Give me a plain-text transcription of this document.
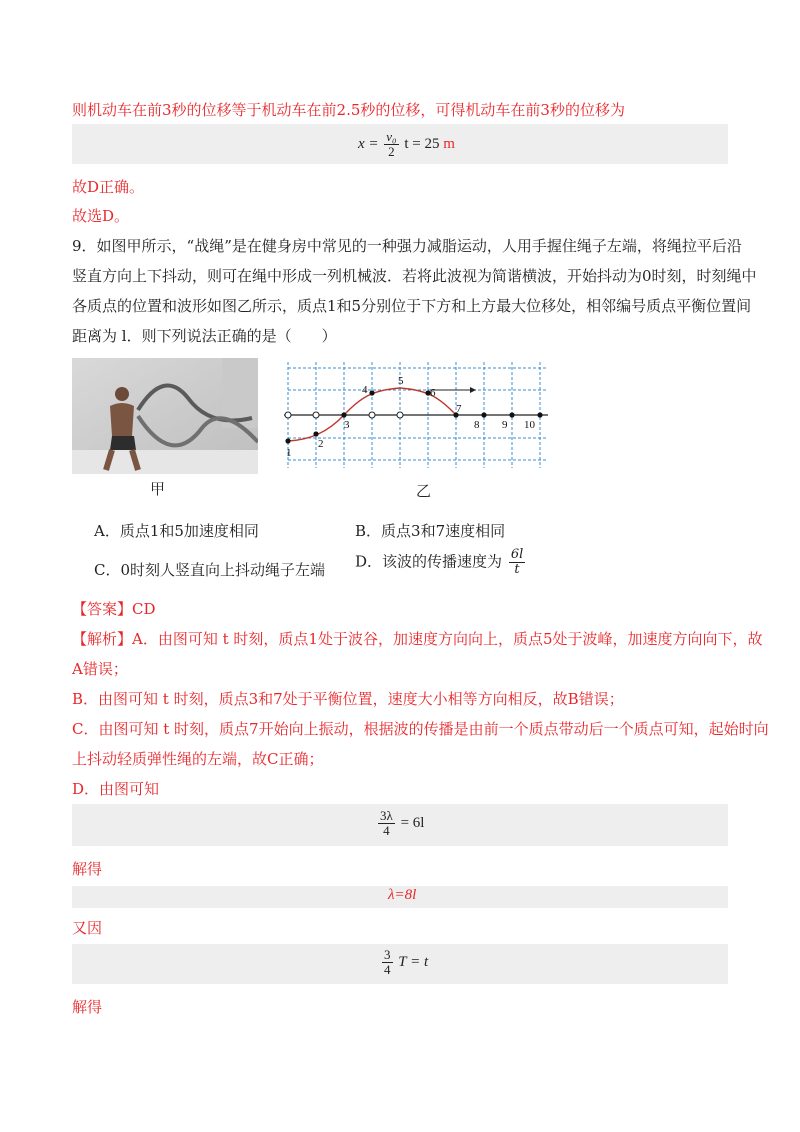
则机动车在前3秒的位移等于机动车在前2.5秒的位移，可得机动车在前3秒的位移为
$x = \frac{\text{v₀}}{2}$ t = 25 m
故D正确。
故选D。
9．如图甲所示，“战绳”是在健身房中常见的一种强力减脂运动，人用手握住绳子左端，将绳拉平后沿
竖直方向上下抖动，则可在绳中形成一列机械波．若将此波视为简谐横波，开始抖动为0时刻，时刻绳中
各质点的位置和波形如图乙所示，质点1和5分别位于下方和上方最大位移处，相邻编号质点平衡位置间
距离为 l．则下列说法正确的是（　　）
甲
1
2
3
4
5
6
7
8 9 10
乙
A．质点1和5加速度相同	B．质点3和7速度相同
C．0时刻人竖直向上抖动绳子左端 D．该波的传播速度为 $\frac{6l}{t}$
【答案】CD
【解析】A．由图可知 t 时刻，质点1处于波谷，加速度方向向上，质点5处于波峰，加速度方向向下，故
A错误；
B．由图可知 t 时刻，质点3和7处于平衡位置，速度大小相等方向相反，故B错误；
C．由图可知 t 时刻，质点7开始向上振动，根据波的传播是由前一个质点带动后一个质点可知，起始时向
上抖动轻质弹性绳的左端，故C正确；
D．由图可知
$\frac{3\lambda}{4} = 6l$
解得
λ=8l
又因
$\frac{3}{4}$ T = t
解得
